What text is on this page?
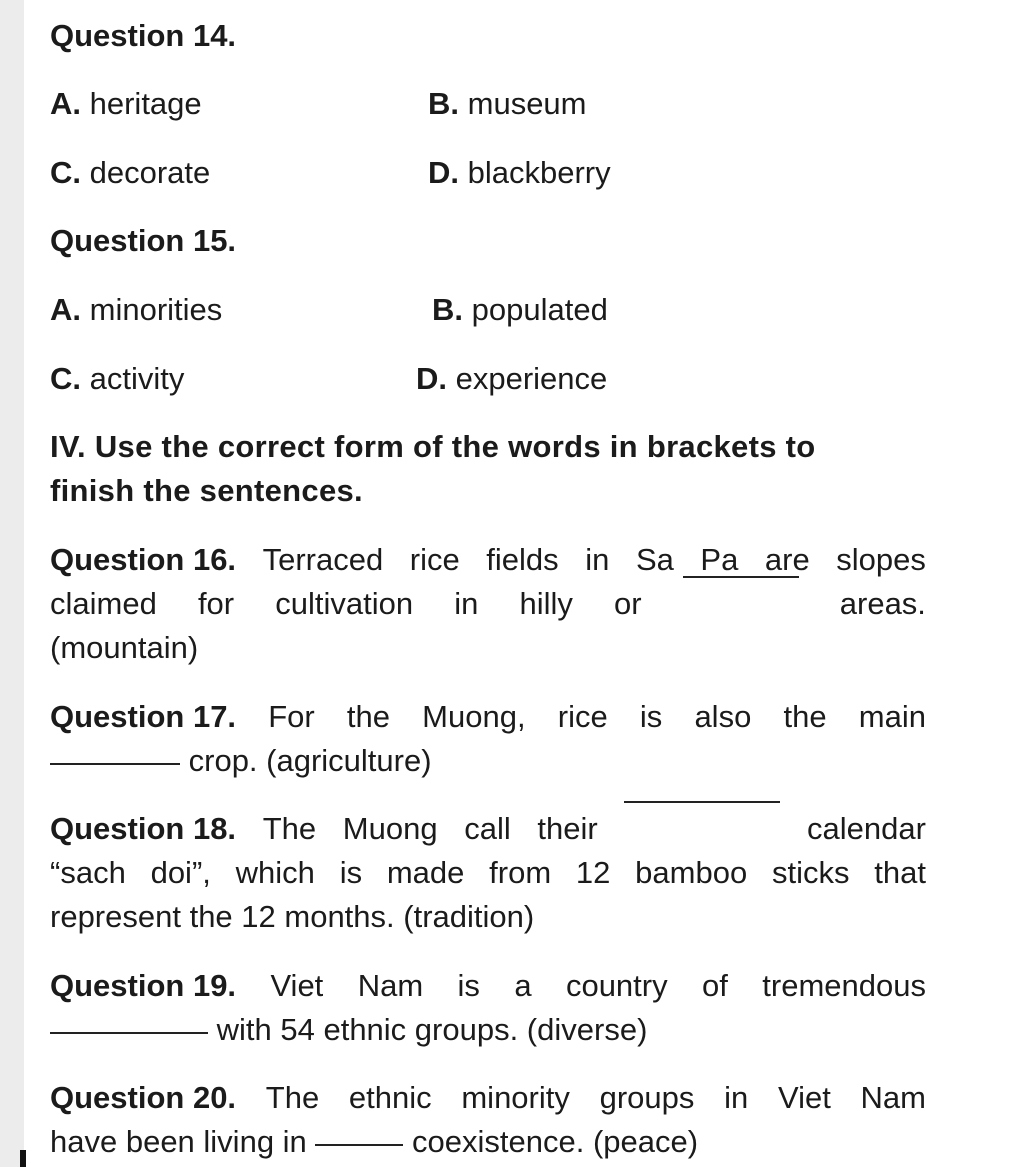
Question 14.
A. heritage	B. museum
C. decorate	D. blackberry
Question 15.
A. minorities	B. populated
C. activity	D. experience
IV. Use the correct form of the words in brackets to
finish the sentences.
Question 16. Terraced rice fields in Sa Pa are slopes
claimed for cultivation in hilly or	areas.
(mountain)
Question 17. For the Muong, rice is also the main
crop. (agriculture)
Question 18. The Muong call their	calendar
“sach doi”, which is made from 12 bamboo sticks that
represent the 12 months. (tradition)
Question 19. Viet Nam is a country of tremendous
with 54 ethnic groups. (diverse)
Question 20. The ethnic minority groups in Viet Nam
have been living in	coexistence. (peace)
